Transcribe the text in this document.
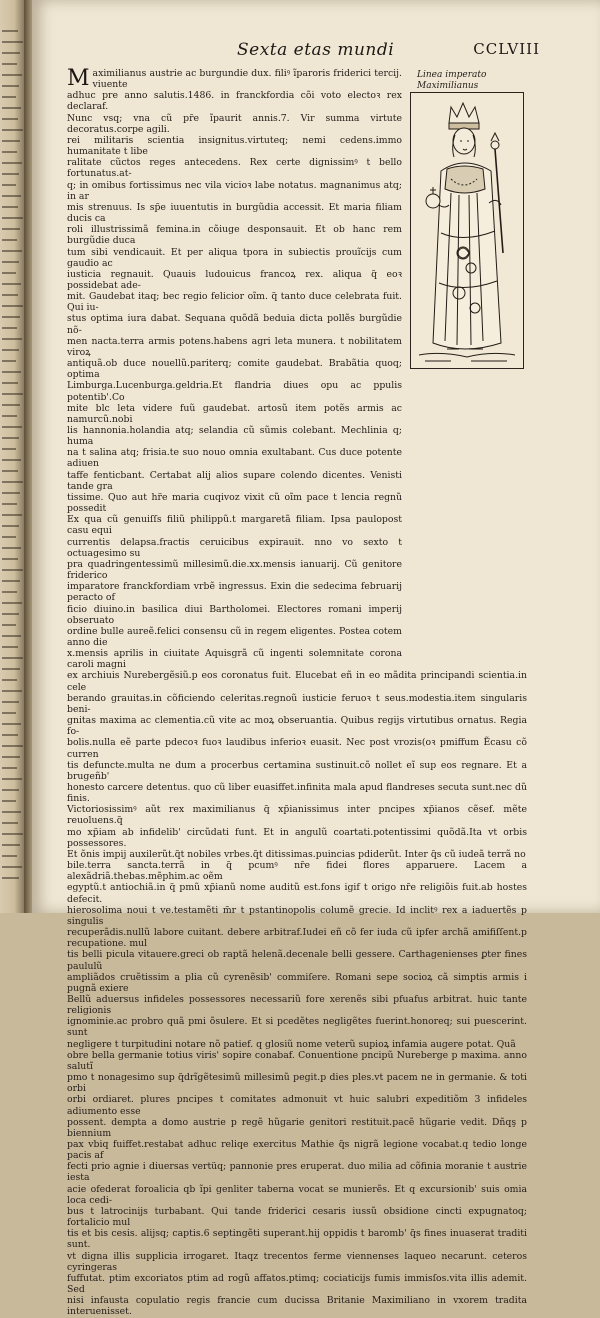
Sexta etas mundi	CCLVIII
Linea imperato
Maximilianus
M aximilianus austrie ac burgundie dux. filiꝰ ĩparoris friderici tercij. viuente

adhuc pre anno salutis.1486. in franckfordia cõi voto electoꝛ rex declaraf.

Nunc vsq; vna cũ pr̃e ĩpaurit annis.7. Vir summa virtute decoratus.corpe agili.

rei militaris scientia insignitus.virtuteq; nemi cedens.immo humanitate t libe

ralitate cũctos reges antecedens. Rex certe dignissimꝰ t bello fortunatus.at-

q; in omibus fortissimus nec vila vicioꝛ labe notatus. magnanimus atq; in ar

mis strenuus. Is sp̃e iuuentutis in burgũdia accessit. Et maria filiam ducis ca

roli illustrissimã femina.in cõiuge desponsauit. Et ob hanc rem burgũdie duca

tum sibi vendicauit. Et per aliqua tpora in subiectis prouĩcijs cum gaudio ac

iusticia regnauit. Quauis ludouicus francoꝝ rex. aliqua q̃ eoꝛ possidebat ade-

mit. Gaudebat itaq; bec regio felicior oĩm. q̃ tanto duce celebrata fuit. Qui iu-

stus optima iura dabat. Sequana quõdã beduia dicta pollẽs burgũdie nõ-

men nacta.terra armis potens.habens agri leta munera. t nobilitatem viroꝝ

antiquã.ob duce nouellũ.pariterq; comite gaudebat. Brabãtia quoq; optima

Limburga.Lucenburga.geldria.Et flandria diues opu ac ppulis potentib'.Co

mite blc leta videre fuũ gaudebat. artosũ item potẽs armis ac namurcũ.nobi

lis hannonia.holandia atq; selandia cũ sũmis colebant. Mechlinia q; huma

na t salina atq; frisia.te suo nouo omnia exultabant. Cus duce potente adiuen

taffe fenticbant. Certabat alij alios supare colendo dicentes. Venisti tande gra

tissime. Quo aut hr̃e maria cuqivoz vixit cũ oĩm pace t lencia regnũ possedit

Ex qua cũ genuiſſs filiũ philippũ.t margaretã filiam. Ipsa paulopost casu equi

currentis delapsa.fractis ceruicibus expirauit. nno vo sexto t octuagesimo su

pra quadringentessimũ millesimũ.die.xx.mensis ianuarij. Cũ genitore friderico

imparatore franckfordiam vrbẽ ingressus. Exin die sedecima februarij peracto of

ficio diuino.in basilica diui Bartholomei. Electores romani imperij obseruato

ordine bulle aureẽ.felici consensu cũ in regem eligentes. Postea cotem anno die

x.mensis aprilis in ciuitate Aquisgrã cũ ingenti solemnitate corona caroli magni

ex archiuis Nurebergẽsiũ.p eos coronatus fuit. Elucebat eñ in eo mãdita principandi scientia.in cele

berando grauitas.in cõficiendo celeritas.regnoũ iusticie feruoꝛ t seus.modestia.item singularis beni-

gnitas maxima ac clementia.cũ vite ac moꝝ obseruantia. Quibus regijs virtutibus ornatus. Regia fo-

bolis.nulla eẽ parte pdecoꝛ fuoꝛ laudibus inferioꝛ euasit. Nec post vrozis(oꝛ pmiffum Ẽcasu cõ curren

tis defuncte.multa ne dum a procerbus certamina sustinuit.cõ nollet eĩ sup eos regnare. Et a brugeñb'

honesto carcere detentus. quo cũ liber euasiffet.infinita mala apud flandreses secuta sunt.nec dũ finis.

Victoriosissimꝰ aũt rex maximilianus q̃ xp̃ianissimus inter pncipes xp̃ianos cẽsef. mẽte reuoluens.q̃

mo xp̃iam ab infidelib' circũdati funt. Et in angulũ coartati.potentissimi quõdã.Ita vt orbis possessores.

Et õnis impij auxilerũt.q̃t nobiles vrbes.q̃t ditissimas.puincias pdiderũt. Inter q̃s cũ iudeã terrã no

bile.terra sancta.terrã in q̃ pcumꝰ nr̃e fidei flores apparuere. Lacem a alexãdriã.thebas.mẽphim.ac oẽm

egyptũ.t antiochiã.in q̃ pmũ xp̃ianũ nome auditũ est.fons igif t origo nr̃e religiõis fuit.ab hostes defecit.

hierosolima noui t ve.testamẽti m̃r t pstantinopolis columẽ grecie. Id inclitꝰ rex a iaduertẽs p singulis

recuperãdis.nullũ labore cuitant. debere arbitraf.Iudei eñ cõ fer iuda cũ ipfer archã amifiſſent.p recupatione. mul

tis belli picula vitauere.greci ob raptã helenã.decenale belli gessere. Carthagenienses ꝑter fines paululũ

ampliãdos cruẽtissim a plia cũ cyrenẽsib' commiſere. Romani sepe socioꝝ cã simptis armis i pugnã exiere

Bellũ aduersus infideles possessores necessariũ fore xerenẽs sibi pfuafus arbitrat. huic tante religionis

ignominie.ac probro quã pmi õsulere. Et si pcedẽtes negligẽtes fuerint.honoreq; sui puescerint. sunt

negligere t turpitudini notare nõ patief. q glosiũ nome veterũ supioꝝ infamia augere potat. Quã

obre bella germanie totius viris' sopire conabaf. Conuentione pncipũ Nureberge p maxima. anno salutĩ

pmo t nonagesimo sup q̃drĩgẽtesimũ millesimũ pegit.p dies ples.vt pacem ne in germanie. & toti orbi

orbi ordiaret. plures pncipes t comitates admonuit vt huic salubri expeditiõm 3 infideles adiumento esse

possent. dempta a domo austrie p regẽ hũgarie genitori restituit.pacẽ hũgarie vedit. Dñqş p biennium

pax vbiq fuiffet.restabat adhuc reliqe exercitus Mathie q̃s nigrã legione vocabat.q tedio longe pacis af

fecti prio agnie i diuersas vertüq; pannonie pres eruperat. duo milia ad cõfinia moranie t austrie iesta

acie ofederat foroalicia qb ĩpi genliter taberna vocat se munierẽs. Et q excursionib' suis omia loca cedi-

bus t latrocinijs turbabant. Qui tande friderici cesaris iussũ obsidione cincti expugnatoq; fortalicio mul

tis et bis cesis. alijsq; captis.6 septingẽti superant.hij oppidis t baromb' q̃s fines inuaserat traditi sunt.

vt digna illis supplicia irrogaret. Itaqz trecentos ferme viennenses laqueo necarunt. ceteros cyringeras

fuffutat. ptim excoriatos ptim ad rogũ affatos.ptimq; cociaticijs fumis immisſos.vita illis ademit. Sed

nisi infausta copulatio regis francie cum ducissa Britanie Maximiliano in vxorem tradita interuenisset.
